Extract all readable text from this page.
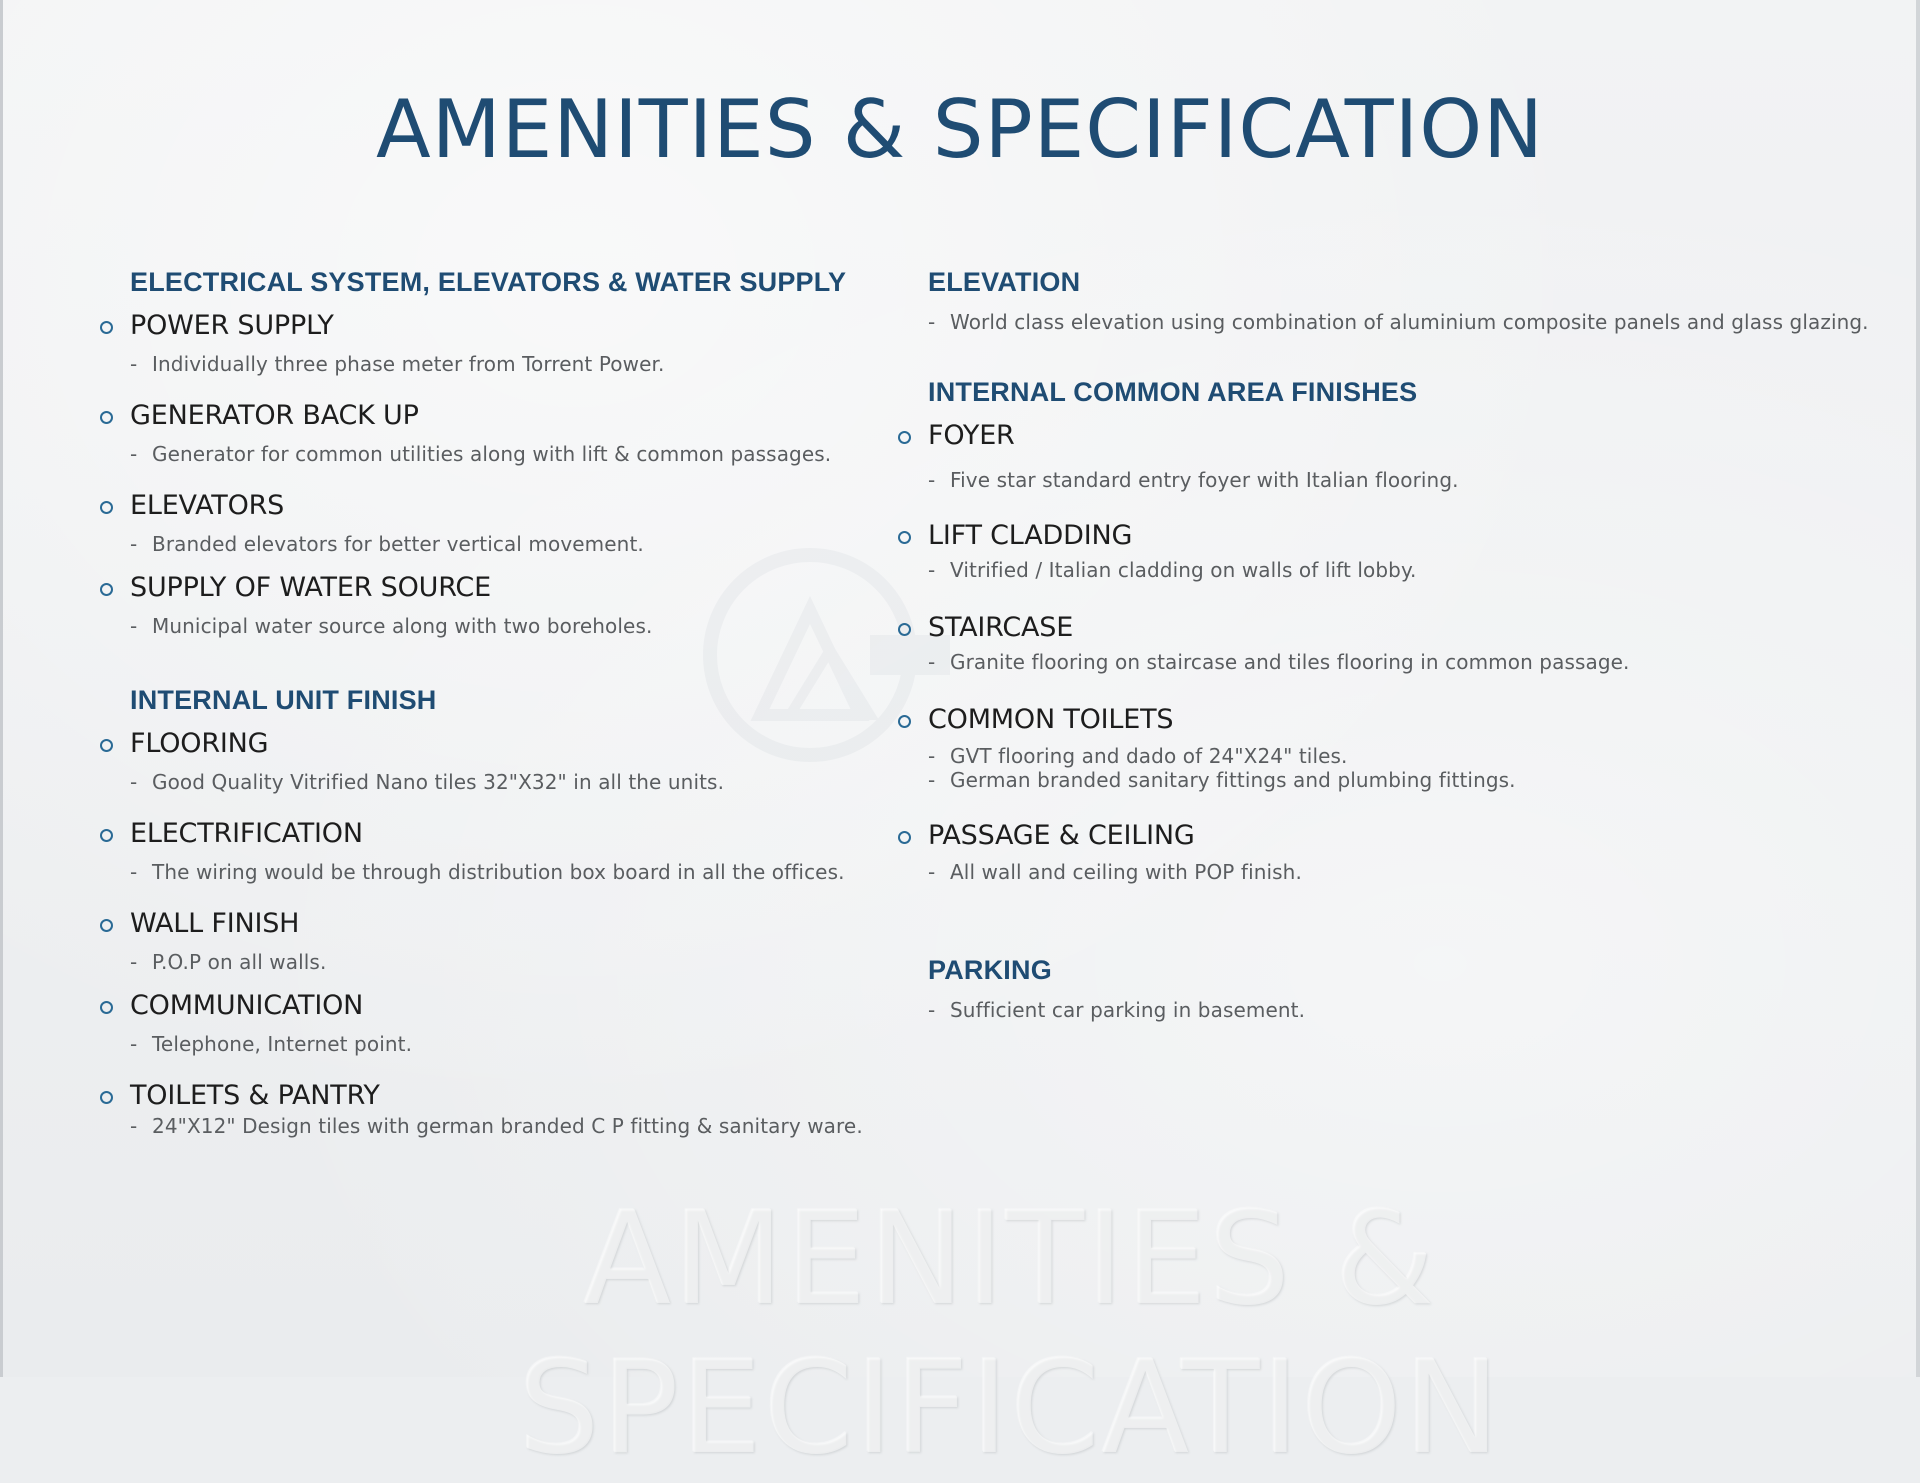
AMENITIES & SPECIFICATION
ELECTRICAL SYSTEM, ELEVATORS & WATER SUPPLY
POWER SUPPLY
- Individually three phase meter from Torrent Power.
GENERATOR BACK UP
- Generator for common utilities along with lift & common passages.
ELEVATORS
- Branded elevators for better vertical movement.
SUPPLY OF WATER SOURCE
- Municipal water source along with two boreholes.
INTERNAL UNIT FINISH
FLOORING
- Good Quality Vitrified Nano tiles 32"X32" in all the units.
ELECTRIFICATION
- The wiring would be through distribution box board in all the offices.
WALL FINISH
- P.O.P on all walls.
COMMUNICATION
- Telephone, Internet point.
TOILETS & PANTRY
- 24"X12" Design tiles with german branded C P fitting & sanitary ware.
ELEVATION
- World class elevation using combination of aluminium composite panels and glass glazing.
INTERNAL COMMON AREA FINISHES
FOYER
- Five star standard entry foyer with Italian flooring.
LIFT CLADDING
- Vitrified / Italian cladding on walls of lift lobby.
STAIRCASE
- Granite flooring on staircase and tiles flooring in common passage.
COMMON TOILETS
- GVT flooring and dado of 24"X24" tiles.
- German branded sanitary fittings and plumbing fittings.
PASSAGE & CEILING
- All wall and ceiling with POP finish.
PARKING
- Sufficient car parking in basement.
AMENITIES & SPECIFICATION
